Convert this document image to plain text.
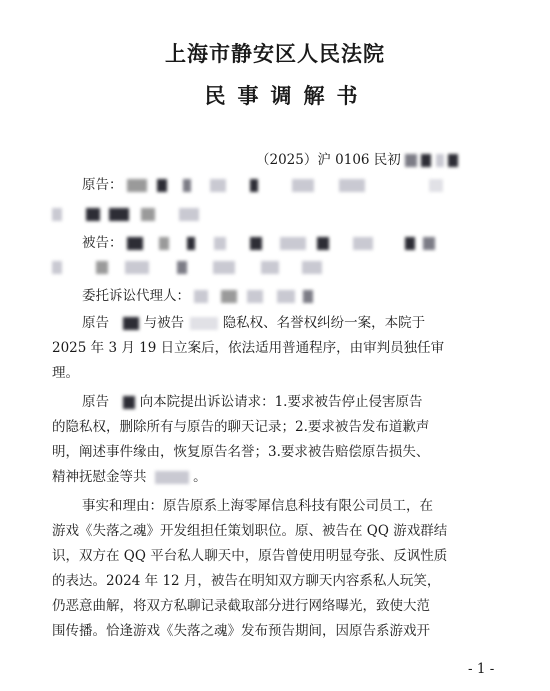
上海市静安区人民法院
民事调解书
（2025）沪 0106 民初
原告：

被告：

委托诉讼代理人：
原告	与被告	隐私权、名誉权纠纷一案，本院于
2025 年 3 月 19 日立案后，依法适用普通程序，由审判员独任审
理。
原告 向本院提出诉讼请求：1.要求被告停止侵害原告
的隐私权，删除所有与原告的聊天记录；2.要求被告发布道歉声
明，阐述事件缘由，恢复原告名誉；3.要求被告赔偿原告损失、
精神抚慰金等共	。
事实和理由：原告原系上海零犀信息科技有限公司员工，在
游戏《失落之魂》开发组担任策划职位。原、被告在 QQ 游戏群结
识，双方在 QQ 平台私人聊天中，原告曾使用明显夸张、反讽性质
的表达。2024 年 12 月，被告在明知双方聊天内容系私人玩笑，
仍恶意曲解，将双方私聊记录截取部分进行网络曝光，致使大范
围传播。恰逢游戏《失落之魂》发布预告期间，因原告系游戏开
- 1 -
